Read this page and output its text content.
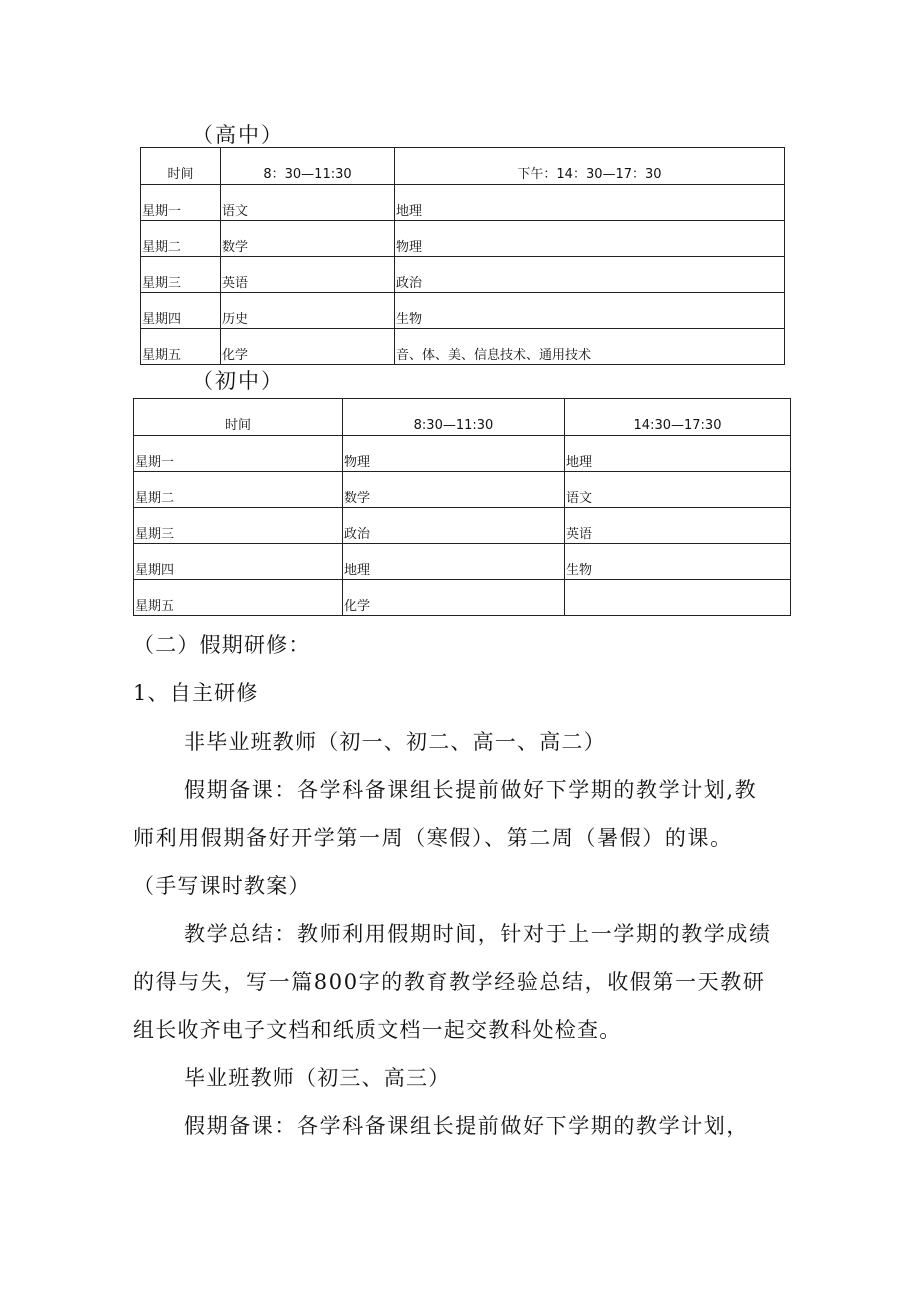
（高中）
时间	8：30—11:30	下午：14：30—17：30
星期一	语文	地理
星期二	数学	物理
星期三	英语	政治
星期四	历史	生物
星期五	化学	音、体、美、信息技术、通用技术
（初中）
时间	8:30—11:30	14:30—17:30
星期一	物理	地理
星期二	数学	语文
星期三	政治	英语
星期四	地理	生物
星期五	化学	
（二）假期研修：
1、自主研修
非毕业班教师（初一、初二、高一、高二）
假期备课：各学科备课组长提前做好下学期的教学计划,教
师利用假期备好开学第一周（寒假）、第二周（暑假）的课。
（手写课时教案）
教学总结：教师利用假期时间，针对于上一学期的教学成绩
的得与失，写一篇800字的教育教学经验总结，收假第一天教研
组长收齐电子文档和纸质文档一起交教科处检查。
毕业班教师（初三、高三）
假期备课：各学科备课组长提前做好下学期的教学计划，
